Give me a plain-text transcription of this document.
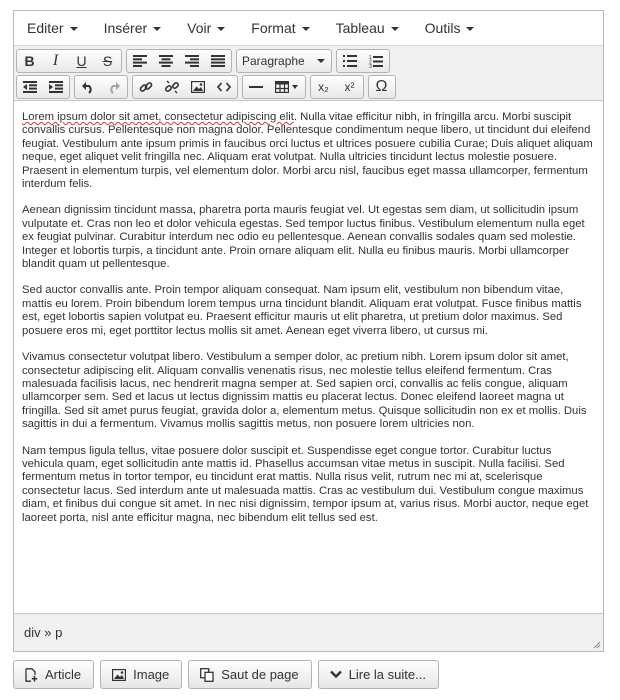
Editer	Insérer	Voir	Format	Tableau	Outils
B I U S	Paragraphe	1
2
3
x₂ x² Ω

Lorem ipsum dolor sit amet, consectetur adipiscing elit. Nulla vitae efficitur nibh, in fringilla arcu. Morbi suscipit convallis cursus. Pellentesque non magna dolor. Pellentesque condimentum neque libero, ut tincidunt dui eleifend feugiat. Vestibulum ante ipsum primis in faucibus orci luctus et ultrices posuere cubilia Curae; Duis aliquet aliquam neque, eget aliquet velit fringilla nec. Aliquam erat volutpat. Nulla ultricies tincidunt lectus molestie posuere. Praesent in elementum turpis, vel elementum dolor. Morbi arcu nisl, faucibus eget massa ullamcorper, fermentum interdum felis.

Aenean dignissim tincidunt massa, pharetra porta mauris feugiat vel. Ut egestas sem diam, ut sollicitudin ipsum vulputate et. Cras non leo et dolor vehicula egestas. Sed tempor luctus finibus. Vestibulum elementum nulla eget ex feugiat pulvinar. Curabitur interdum nec odio eu pellentesque. Aenean convallis sodales quam sed molestie. Integer et lobortis turpis, a tincidunt ante. Proin ornare aliquam elit. Nulla eu finibus mauris. Morbi ullamcorper blandit quam ut pellentesque.

Sed auctor convallis ante. Proin tempor aliquam consequat. Nam ipsum elit, vestibulum non bibendum vitae, mattis eu lorem. Proin bibendum lorem tempus urna tincidunt blandit. Aliquam erat volutpat. Fusce finibus mattis est, eget lobortis sapien volutpat eu. Praesent efficitur mauris ut elit pharetra, ut pretium dolor maximus. Sed posuere eros mi, eget porttitor lectus mollis sit amet. Aenean eget viverra libero, ut cursus mi.

Vivamus consectetur volutpat libero. Vestibulum a semper dolor, ac pretium nibh. Lorem ipsum dolor sit amet, consectetur adipiscing elit. Aliquam convallis venenatis risus, nec molestie tellus eleifend fermentum. Cras malesuada facilisis lacus, nec hendrerit magna semper at. Sed sapien orci, convallis ac felis congue, aliquam ullamcorper sem. Sed et lacus ut lectus dignissim mattis eu placerat lectus. Donec eleifend laoreet magna ut fringilla. Sed sit amet purus feugiat, gravida dolor a, elementum metus. Quisque sollicitudin non ex et mollis. Duis sagittis in dui a fermentum. Vivamus mollis sagittis metus, non posuere lorem ultricies non.

Nam tempus ligula tellus, vitae posuere dolor suscipit et. Suspendisse eget congue tortor. Curabitur luctus vehicula quam, eget sollicitudin ante mattis id. Phasellus accumsan vitae metus in suscipit. Nulla facilisi. Sed fermentum metus in tortor tempor, eu tincidunt erat mattis. Nulla risus velit, rutrum nec mi at, scelerisque consectetur lacus. Sed interdum ante ut malesuada mattis. Cras ac vestibulum dui. Vestibulum congue maximus diam, et finibus dui congue sit amet. In nec nisi dignissim, tempor ipsum at, varius risus. Morbi auctor, neque eget laoreet porta, nisl ante efficitur magna, nec bibendum elit tellus sed est.

div » p
Article	Image	Saut de page	Lire la suite...
